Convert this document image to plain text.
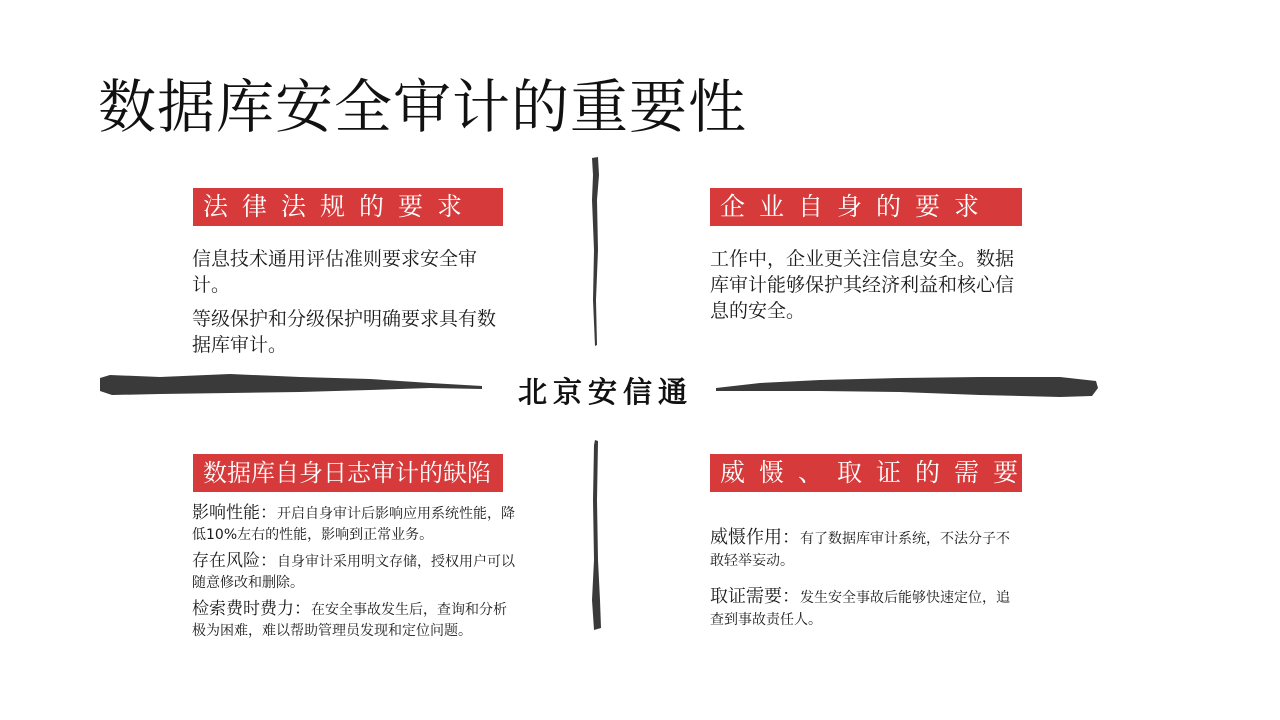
数据库安全审计的重要性
法律法规的要求

信息技术通用评估准则要求安全审计。

等级保护和分级保护明确要求具有数据库审计。

企业自身的要求

工作中，企业更关注信息安全。数据库审计能够保护其经济利益和核心信息的安全。

北京安信通
数据库自身日志审计的缺陷
影响性能：开启自身审计后影响应用系统性能，降低10%左右的性能，影响到正常业务。
存在风险：自身审计采用明文存储，授权用户可以随意修改和删除。
检索费时费力：在安全事故发生后，查询和分析极为困难，难以帮助管理员发现和定位问题。
威慑、取证的需要
威慑作用：有了数据库审计系统，不法分子不敢轻举妄动。
取证需要：发生安全事故后能够快速定位，追查到事故责任人。
